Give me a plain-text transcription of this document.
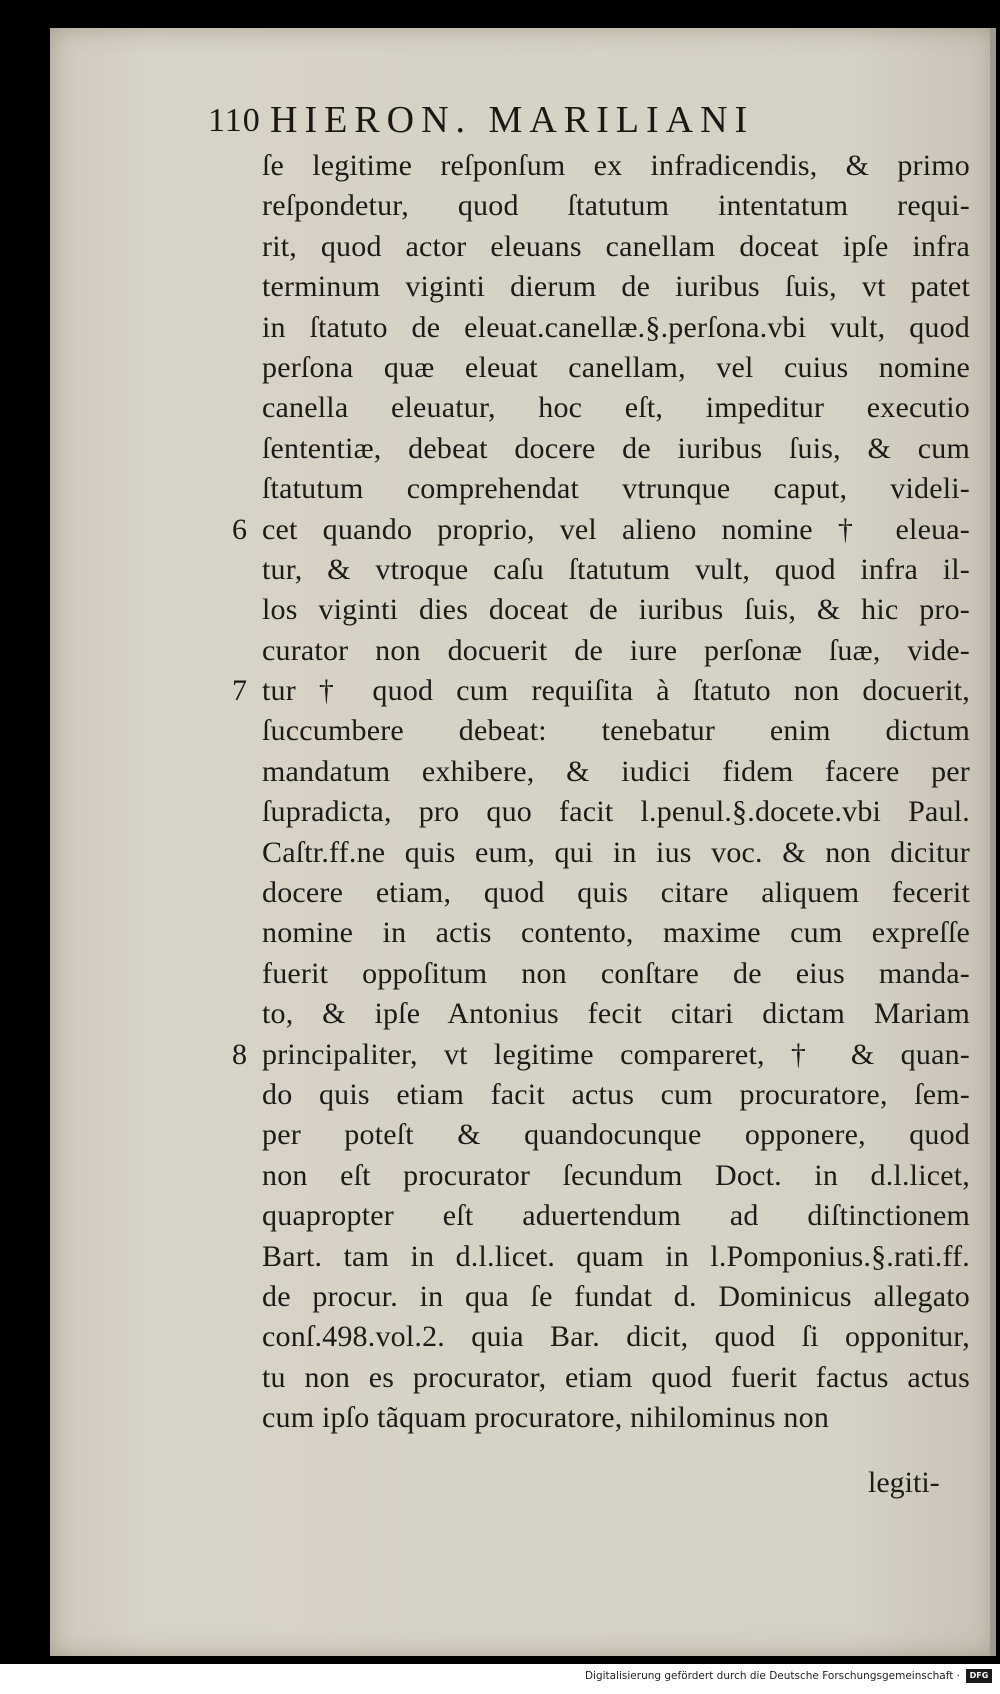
110 HIERON. MARILIANI
ſe legitime reſponſum ex infradicendis, & primo
reſpondetur, quod ſtatutum intentatum requi-
rit, quod actor eleuans canellam doceat ipſe infra
terminum viginti dierum de iuribus ſuis, vt patet
in ſtatuto de eleuat.canellæ.§.perſona.vbi vult, quod
perſona quæ eleuat canellam, vel cuius nomine
canella eleuatur, hoc eſt, impeditur executio
ſententiæ, debeat docere de iuribus ſuis, & cum
ſtatutum comprehendat vtrunque caput, videli-
6 cet quando proprio, vel alieno nomine † eleua-
tur, & vtroque caſu ſtatutum vult, quod infra il-
los viginti dies doceat de iuribus ſuis, & hic pro-
curator non docuerit de iure perſonæ ſuæ, vide-
7 tur † quod cum requiſita à ſtatuto non docuerit,
ſuccumbere debeat: tenebatur enim dictum
mandatum exhibere, & iudici fidem facere per
ſupradicta, pro quo facit l.penul.§.docete.vbi Paul.
Caſtr.ff.ne quis eum, qui in ius voc. & non dicitur
docere etiam, quod quis citare aliquem fecerit
nomine in actis contento, maxime cum expreſſe
fuerit oppoſitum non conſtare de eius manda-
to, & ipſe Antonius fecit citari dictam Mariam
8 principaliter, vt legitime compareret, † & quan-
do quis etiam facit actus cum procuratore, ſem-
per poteſt & quandocunque opponere, quod
non eſt procurator ſecundum Doct. in d.l.licet,
quapropter eſt aduertendum ad diſtinctionem
Bart. tam in d.l.licet. quam in l.Pomponius.§.rati.ff.
de procur. in qua ſe fundat d. Dominicus allegato
conſ.498.vol.2. quia Bar. dicit, quod ſi opponitur,
tu non es procurator, etiam quod fuerit factus actus
cum ipſo tãquam procuratore, nihilominus non
legiti-
Digitalisierung gefördert durch die Deutsche Forschungsgemeinschaft ·	DFG
